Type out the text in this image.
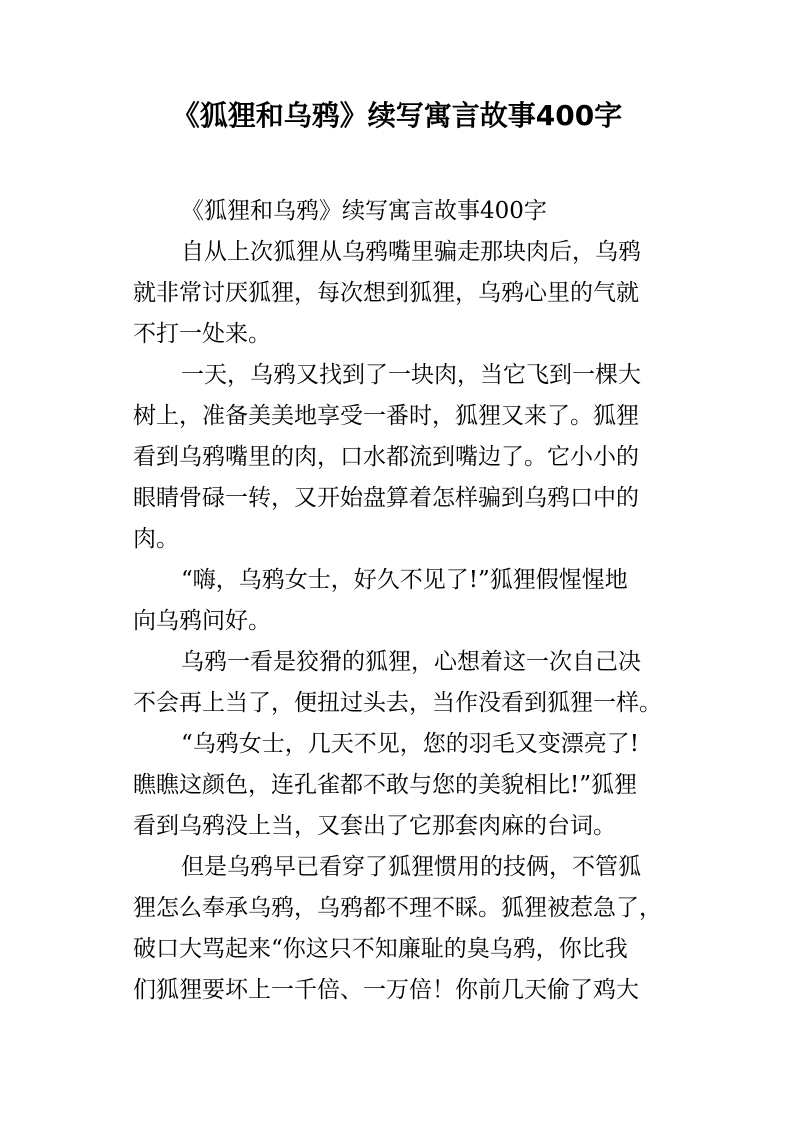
《狐狸和乌鸦》续写寓言故事400字
《狐狸和乌鸦》续写寓言故事400字
自从上次狐狸从乌鸦嘴里骗走那块肉后，乌鸦
就非常讨厌狐狸，每次想到狐狸，乌鸦心里的气就
不打一处来。
一天，乌鸦又找到了一块肉，当它飞到一棵大
树上，准备美美地享受一番时，狐狸又来了。狐狸
看到乌鸦嘴里的肉，口水都流到嘴边了。它小小的
眼睛骨碌一转，又开始盘算着怎样骗到乌鸦口中的
肉。
“嗨，乌鸦女士，好久不见了!”狐狸假惺惺地
向乌鸦问好。
乌鸦一看是狡猾的狐狸，心想着这一次自己决
不会再上当了，便扭过头去，当作没看到狐狸一样。
“乌鸦女士，几天不见，您的羽毛又变漂亮了!
瞧瞧这颜色，连孔雀都不敢与您的美貌相比!”狐狸
看到乌鸦没上当，又套出了它那套肉麻的台词。
但是乌鸦早已看穿了狐狸惯用的技俩，不管狐
狸怎么奉承乌鸦，乌鸦都不理不睬。狐狸被惹急了，
破口大骂起来“你这只不知廉耻的臭乌鸦，你比我
们狐狸要坏上一千倍、一万倍！你前几天偷了鸡大
